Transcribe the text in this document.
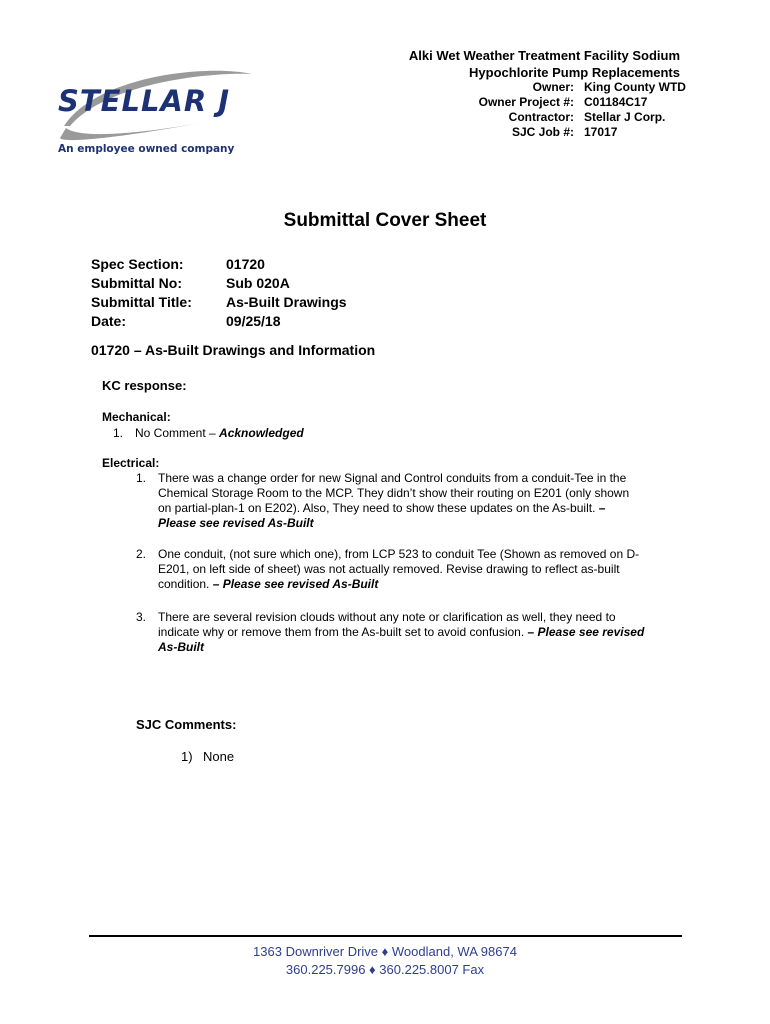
STELLAR J
An employee owned company
Alki Wet Weather Treatment Facility Sodium
Hypochlorite Pump Replacements
Owner: King County WTD
Owner Project #: C01184C17
Contractor: Stellar J Corp.
SJC Job #: 17017
Submittal Cover Sheet
Spec Section:	01720
Submittal No:	Sub 020A
Submittal Title:	As-Built Drawings
Date:	09/25/18
01720 – As-Built Drawings and Information
KC response:
Mechanical:
1. No Comment – Acknowledged
Electrical:
1. There was a change order for new Signal and Control conduits from a conduit-Tee in the Chemical Storage Room to the MCP. They didn’t show their routing on E201 (only shown on partial-plan-1 on E202). Also, They need to show these updates on the As-built. – Please see revised As-Built
2. One conduit, (not sure which one), from LCP 523 to conduit Tee (Shown as removed on D-E201, on left side of sheet) was not actually removed. Revise drawing to reflect as-built condition. – Please see revised As-Built
3. There are several revision clouds without any note or clarification as well, they need to indicate why or remove them from the As-built set to avoid confusion. – Please see revised As-Built
SJC Comments:
1) None
1363 Downriver Drive ♦ Woodland, WA 98674
360.225.7996 ♦ 360.225.8007 Fax
